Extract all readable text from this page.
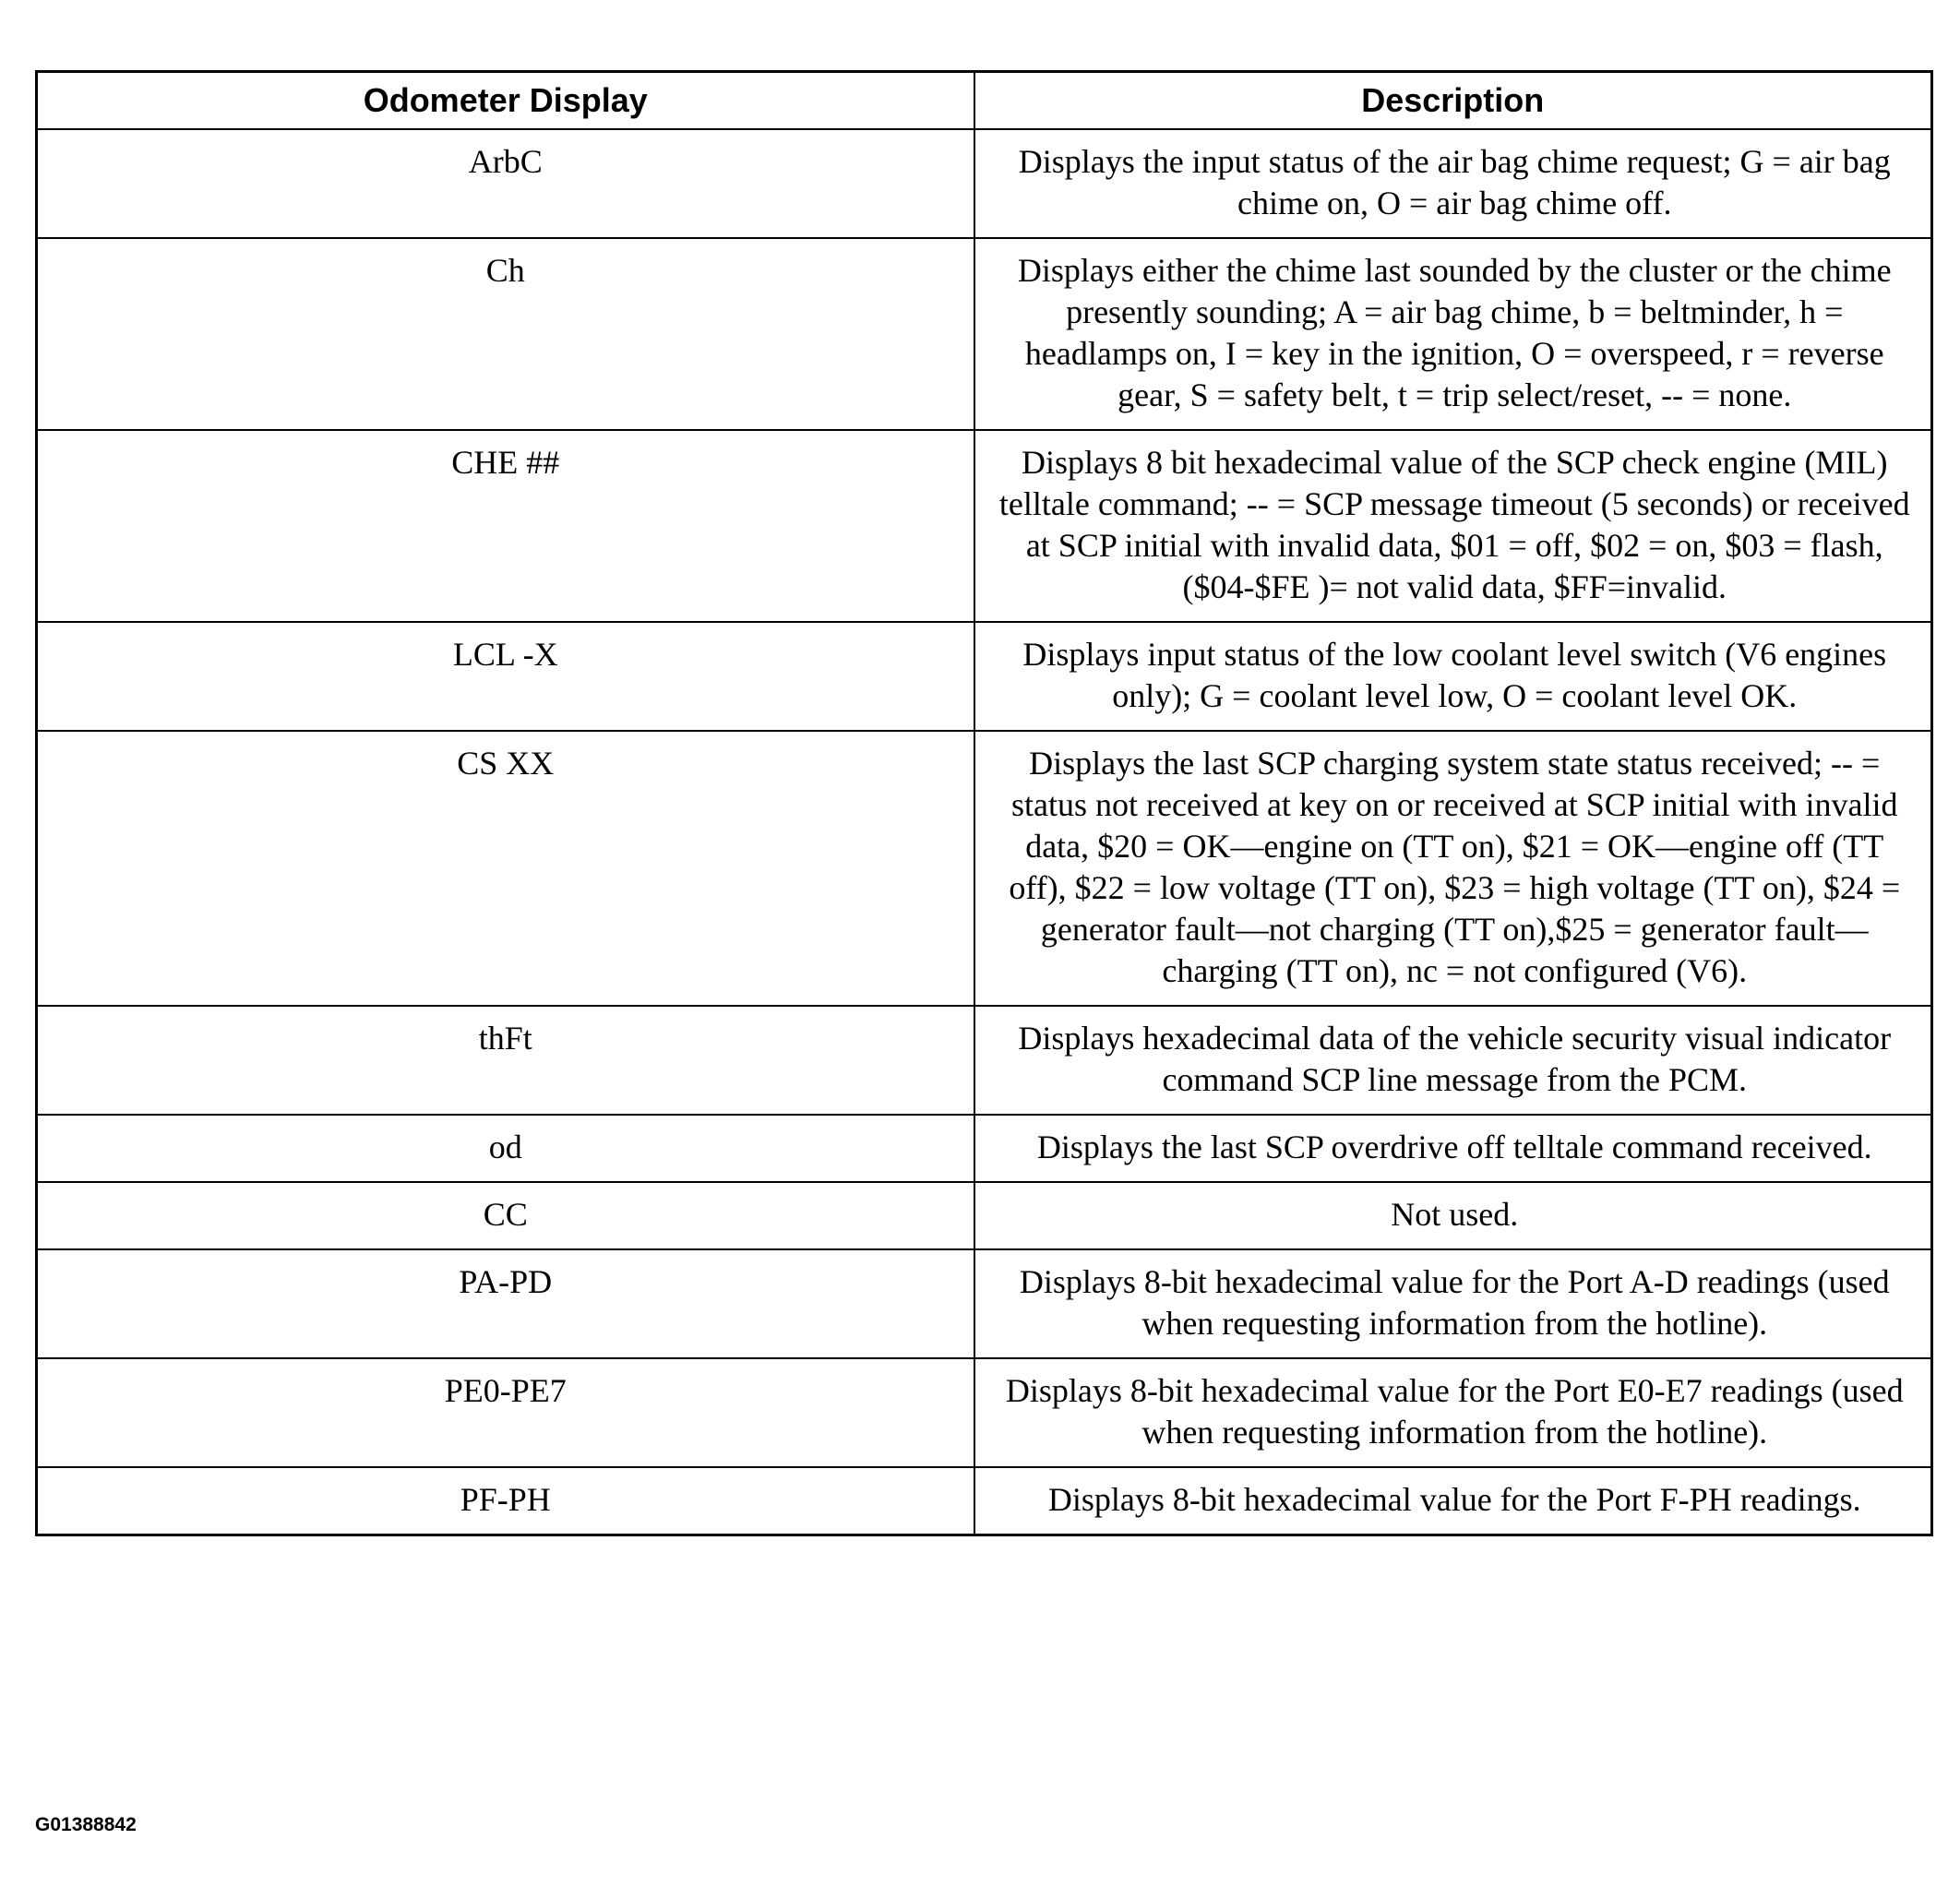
Odometer Display	Description
ArbC	Displays the input status of the air bag chime request; G = air bag chime on, O = air bag chime off.
Ch	Displays either the chime last sounded by the cluster or the chime presently sounding; A = air bag chime, b = beltminder, h = headlamps on, I = key in the ignition, O = overspeed, r = reverse gear, S = safety belt, t = trip select/reset, -- = none.
CHE ##	Displays 8 bit hexadecimal value of the SCP check engine (MIL) telltale command; -- = SCP message timeout (5 seconds) or received at SCP initial with invalid data, $01 = off, $02 = on, $03 = flash, ($04-$FE )= not valid data, $FF=invalid.
LCL -X	Displays input status of the low coolant level switch (V6 engines only); G = coolant level low, O = coolant level OK.
CS XX	Displays the last SCP charging system state status received; -- = status not received at key on or received at SCP initial with invalid data, $20 = OK—engine on (TT on), $21 = OK—engine off (TT off), $22 = low voltage (TT on), $23 = high voltage (TT on), $24 = generator fault—not charging (TT on),$25 = generator fault—charging (TT on), nc = not configured (V6).
thFt	Displays hexadecimal data of the vehicle security visual indicator command SCP line message from the PCM.
od	Displays the last SCP overdrive off telltale command received.
CC	Not used.
PA-PD	Displays 8-bit hexadecimal value for the Port A-D readings (used when requesting information from the hotline).
PE0-PE7	Displays 8-bit hexadecimal value for the Port E0-E7 readings (used when requesting information from the hotline).
PF-PH	Displays 8-bit hexadecimal value for the Port F-PH readings.
G01388842
